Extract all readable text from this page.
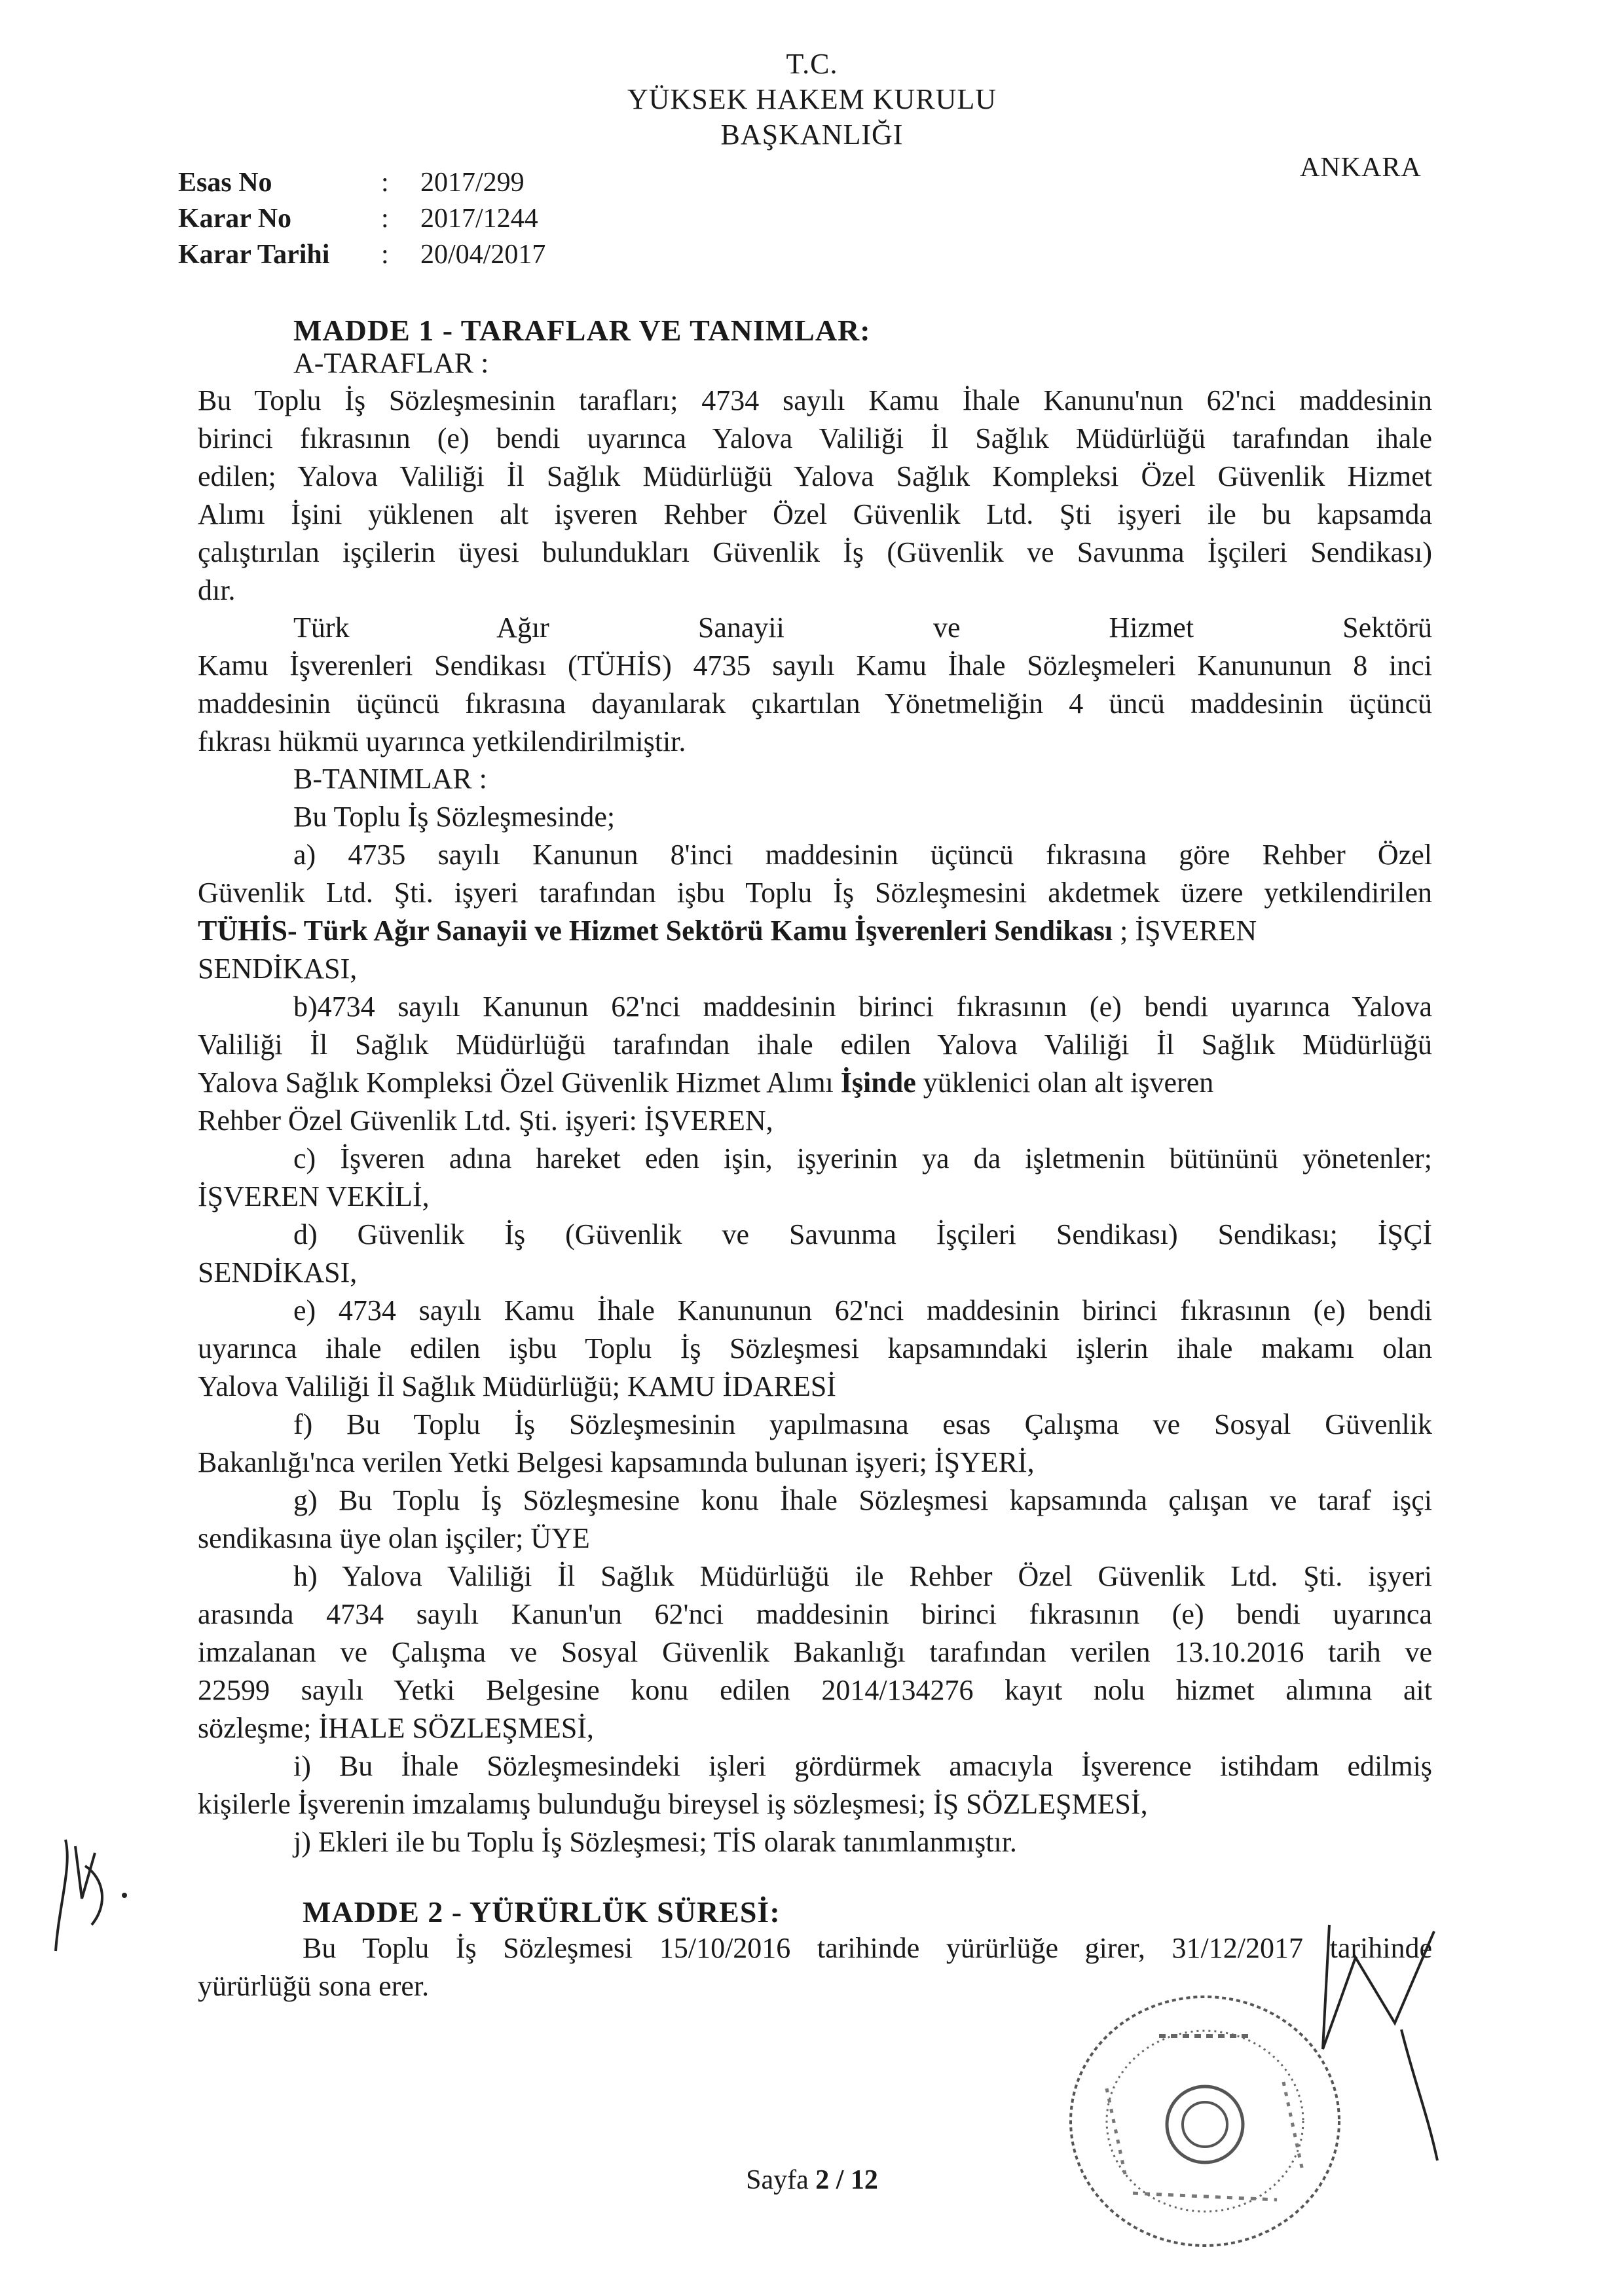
T.C.
YÜKSEK HAKEM KURULU
BAŞKANLIĞI
ANKARA
Esas No	: 2017/299
Karar No	: 2017/1244
Karar Tarihi : 20/04/2017
MADDE 1 - TARAFLAR VE TANIMLAR:
A-TARAFLAR :
Bu Toplu İş Sözleşmesinin tarafları; 4734 sayılı Kamu İhale Kanunu'nun 62'nci maddesinin
birinci fıkrasının (e) bendi uyarınca Yalova Valiliği İl Sağlık Müdürlüğü tarafından ihale
edilen; Yalova Valiliği İl Sağlık Müdürlüğü Yalova Sağlık Kompleksi Özel Güvenlik Hizmet
Alımı İşini yüklenen alt işveren Rehber Özel Güvenlik Ltd. Şti işyeri ile bu kapsamda
çalıştırılan işçilerin üyesi bulundukları Güvenlik İş (Güvenlik ve Savunma İşçileri Sendikası)
dır.
Türk Ağır Sanayii ve Hizmet Sektörü
Kamu İşverenleri Sendikası (TÜHİS) 4735 sayılı Kamu İhale Sözleşmeleri Kanununun 8 inci
maddesinin üçüncü fıkrasına dayanılarak çıkartılan Yönetmeliğin 4 üncü maddesinin üçüncü
fıkrası hükmü uyarınca yetkilendirilmiştir.
B-TANIMLAR :
Bu Toplu İş Sözleşmesinde;
a) 4735 sayılı Kanunun 8'inci maddesinin üçüncü fıkrasına göre Rehber Özel
Güvenlik Ltd. Şti. işyeri tarafından işbu Toplu İş Sözleşmesini akdetmek üzere yetkilendirilen
TÜHİS- Türk Ağır Sanayii ve Hizmet Sektörü Kamu İşverenleri Sendikası ; İŞVEREN
SENDİKASI,
b)4734 sayılı Kanunun 62'nci maddesinin birinci fıkrasının (e) bendi uyarınca Yalova
Valiliği İl Sağlık Müdürlüğü tarafından ihale edilen Yalova Valiliği İl Sağlık Müdürlüğü
Yalova Sağlık Kompleksi Özel Güvenlik Hizmet Alımı İşinde yüklenici olan alt işveren
Rehber Özel Güvenlik Ltd. Şti. işyeri: İŞVEREN,
c) İşveren adına hareket eden işin, işyerinin ya da işletmenin bütününü yönetenler;
İŞVEREN VEKİLİ,
d) Güvenlik İş (Güvenlik ve Savunma İşçileri Sendikası) Sendikası; İŞÇİ
SENDİKASI,
e) 4734 sayılı Kamu İhale Kanununun 62'nci maddesinin birinci fıkrasının (e) bendi
uyarınca ihale edilen işbu Toplu İş Sözleşmesi kapsamındaki işlerin ihale makamı olan
Yalova Valiliği İl Sağlık Müdürlüğü; KAMU İDARESİ
f) Bu Toplu İş Sözleşmesinin yapılmasına esas Çalışma ve Sosyal Güvenlik
Bakanlığı'nca verilen Yetki Belgesi kapsamında bulunan işyeri; İŞYERİ,
g) Bu Toplu İş Sözleşmesine konu İhale Sözleşmesi kapsamında çalışan ve taraf işçi
sendikasına üye olan işçiler; ÜYE
h) Yalova Valiliği İl Sağlık Müdürlüğü ile Rehber Özel Güvenlik Ltd. Şti. işyeri
arasında 4734 sayılı Kanun'un 62'nci maddesinin birinci fıkrasının (e) bendi uyarınca
imzalanan ve Çalışma ve Sosyal Güvenlik Bakanlığı tarafından verilen 13.10.2016 tarih ve
22599 sayılı Yetki Belgesine konu edilen 2014/134276 kayıt nolu hizmet alımına ait
sözleşme; İHALE SÖZLEŞMESİ,
i) Bu İhale Sözleşmesindeki işleri gördürmek amacıyla İşverence istihdam edilmiş
kişilerle İşverenin imzalamış bulunduğu bireysel iş sözleşmesi; İŞ SÖZLEŞMESİ,
j) Ekleri ile bu Toplu İş Sözleşmesi; TİS olarak tanımlanmıştır.
MADDE 2 - YÜRÜRLÜK SÜRESİ:
Bu Toplu İş Sözleşmesi 15/10/2016 tarihinde yürürlüğe girer, 31/12/2017 tarihinde
yürürlüğü sona erer.
Sayfa 2 / 12
